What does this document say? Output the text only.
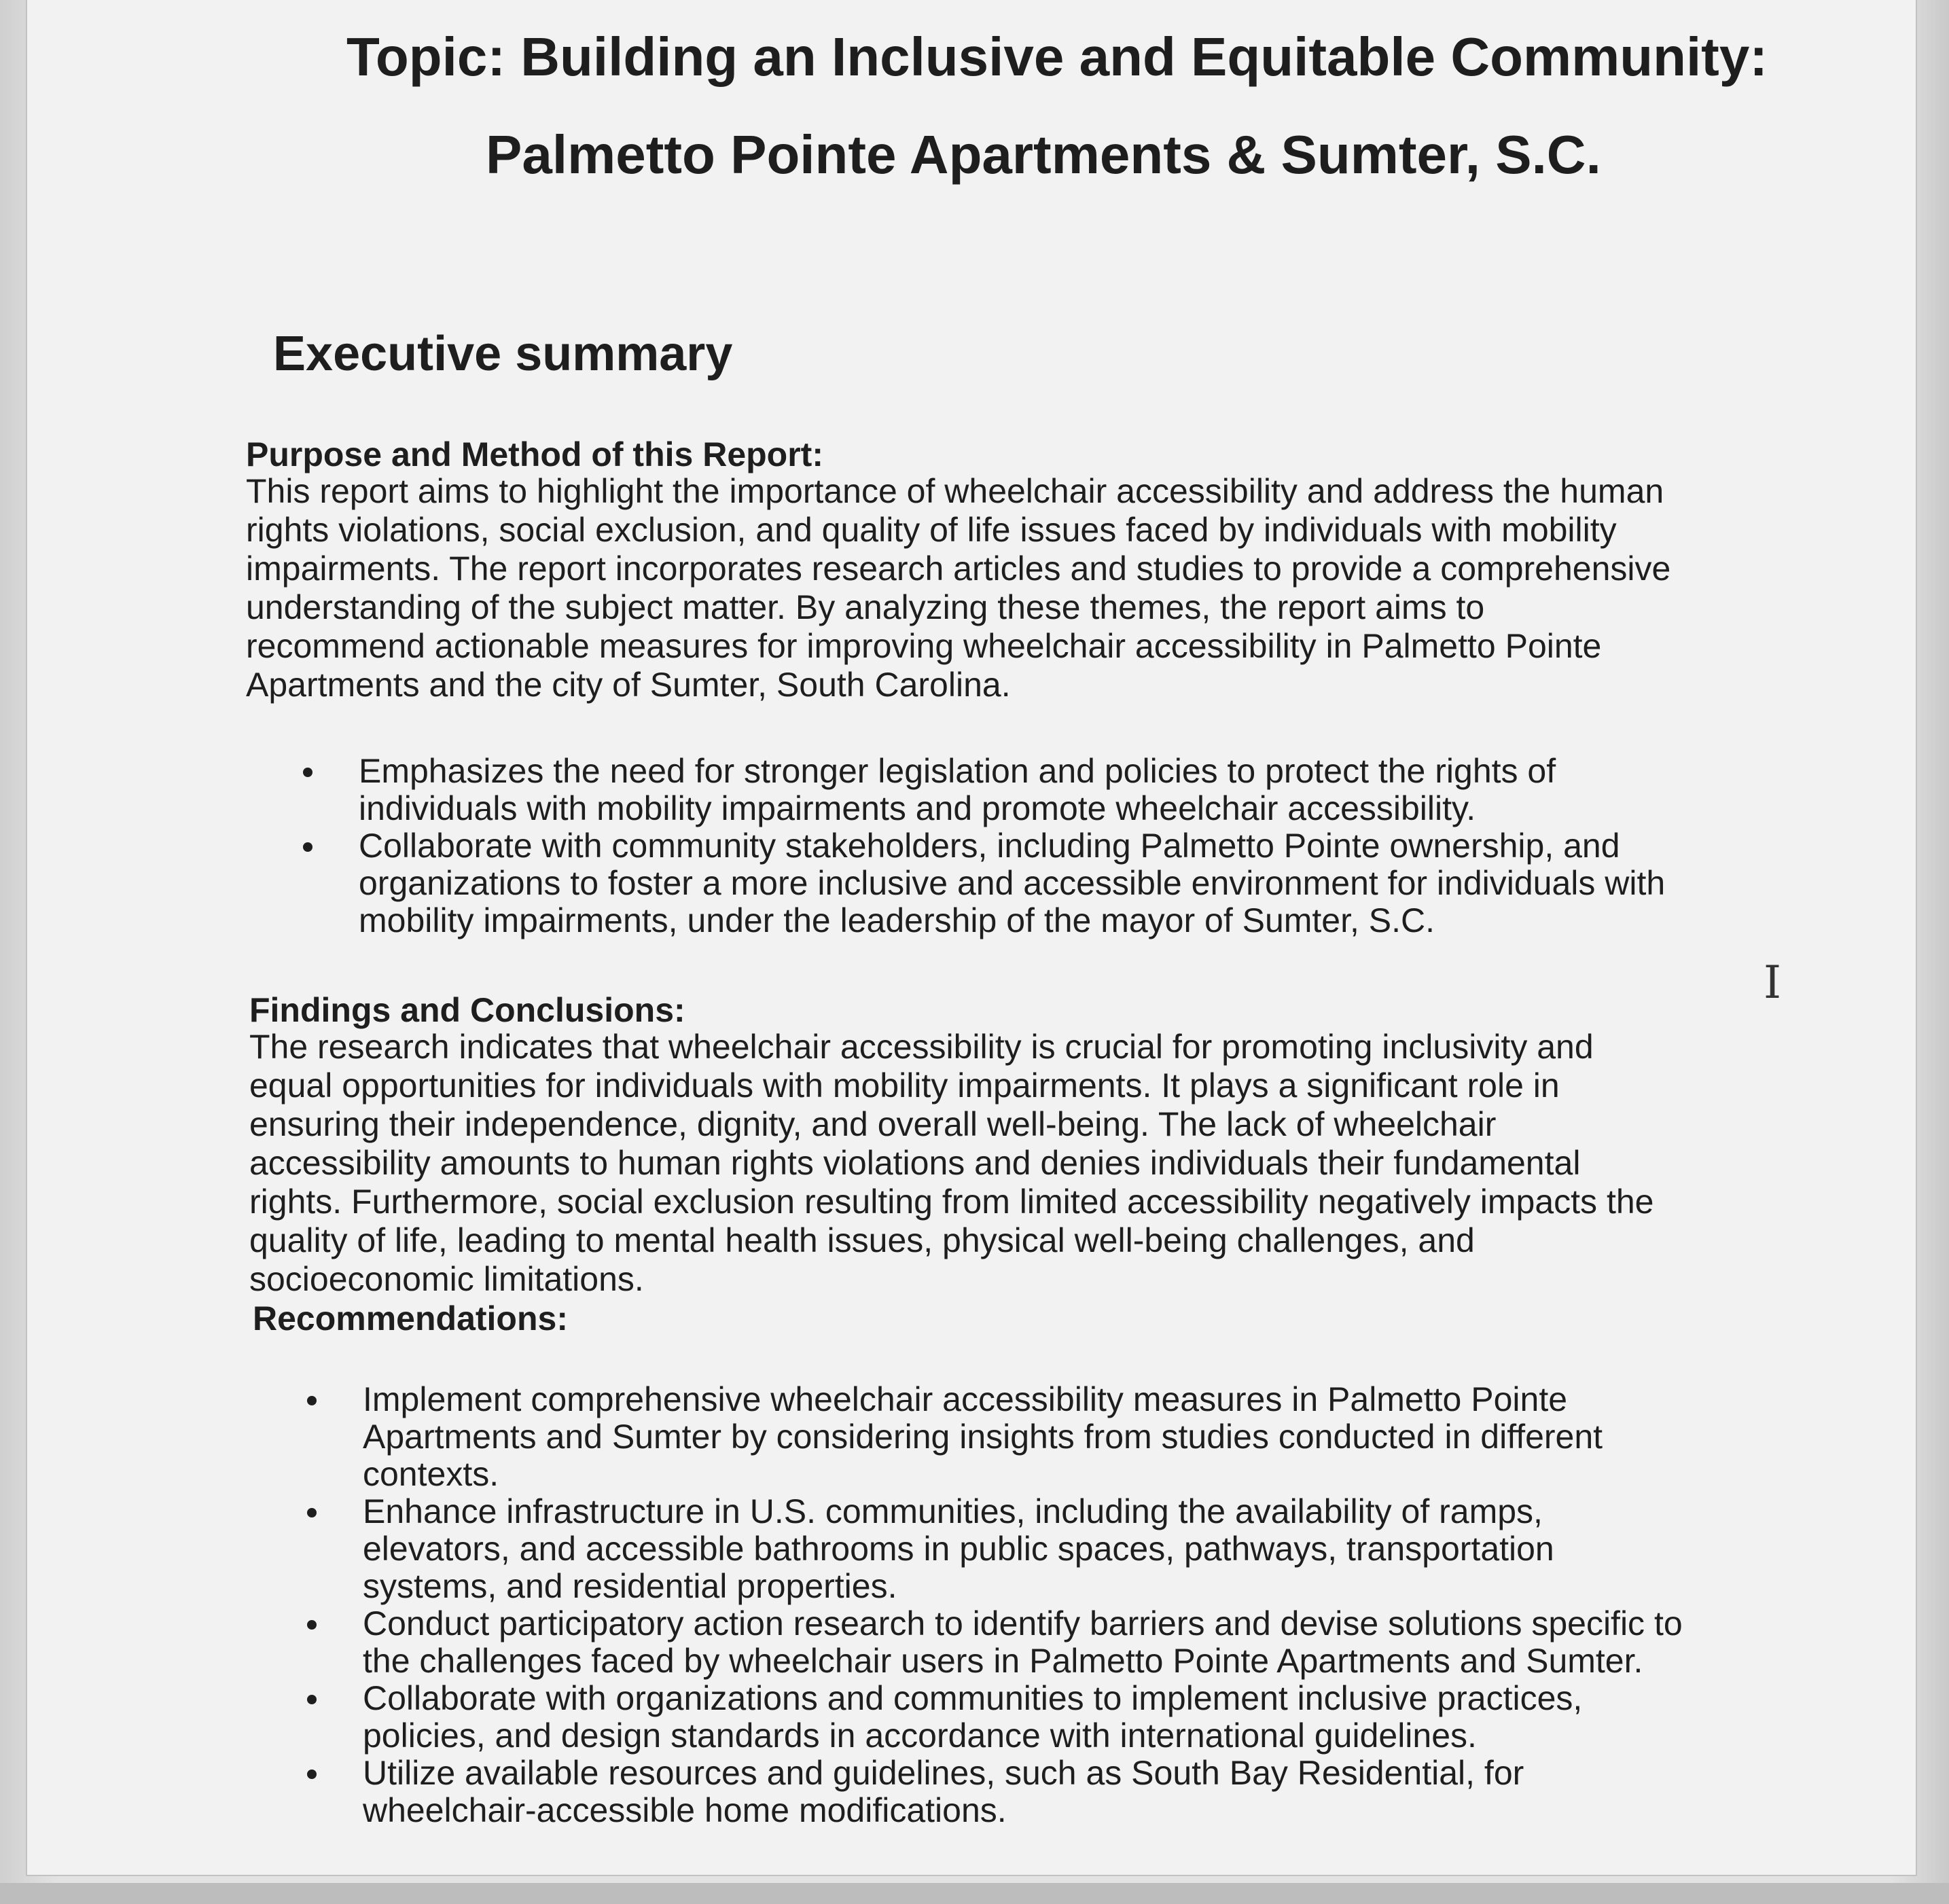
Topic: Building an Inclusive and Equitable Community:
Palmetto Pointe Apartments & Sumter, S.C.
Executive summary
Purpose and Method of this Report:

This report aims to highlight the importance of wheelchair accessibility and address the human rights violations, social exclusion, and quality of life issues faced by individuals with mobility impairments. The report incorporates research articles and studies to provide a comprehensive understanding of the subject matter. By analyzing these themes, the report aims to recommend actionable measures for improving wheelchair accessibility in Palmetto Pointe Apartments and the city of Sumter, South Carolina.

Emphasizes the need for stronger legislation and policies to protect the rights of individuals with mobility impairments and promote wheelchair accessibility.
Collaborate with community stakeholders, including Palmetto Pointe ownership, and organizations to foster a more inclusive and accessible environment for individuals with mobility impairments, under the leadership of the mayor of Sumter, S.C.
Findings and Conclusions:

The research indicates that wheelchair accessibility is crucial for promoting inclusivity and equal opportunities for individuals with mobility impairments. It plays a significant role in ensuring their independence, dignity, and overall well-being. The lack of wheelchair accessibility amounts to human rights violations and denies individuals their fundamental rights. Furthermore, social exclusion resulting from limited accessibility negatively impacts the quality of life, leading to mental health issues, physical well-being challenges, and socioeconomic limitations.

Recommendations:
Implement comprehensive wheelchair accessibility measures in Palmetto Pointe Apartments and Sumter by considering insights from studies conducted in different contexts.
Enhance infrastructure in U.S. communities, including the availability of ramps, elevators, and accessible bathrooms in public spaces, pathways, transportation systems, and residential properties.
Conduct participatory action research to identify barriers and devise solutions specific to the challenges faced by wheelchair users in Palmetto Pointe Apartments and Sumter.
Collaborate with organizations and communities to implement inclusive practices, policies, and design standards in accordance with international guidelines.
Utilize available resources and guidelines, such as South Bay Residential, for wheelchair-accessible home modifications.
I
